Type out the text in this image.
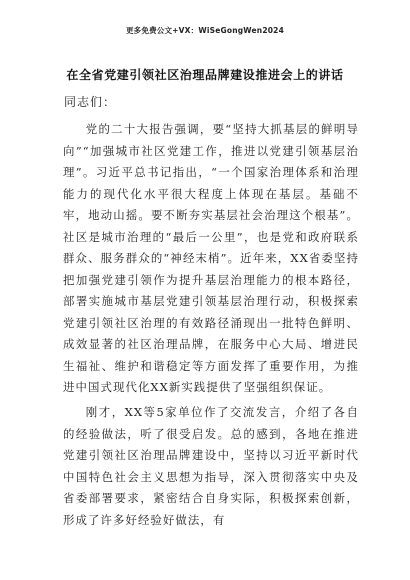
更多免费公文+VX：WiSeGongWen2024
在全省党建引领社区治理品牌建设推进会上的讲话
同志们：

党的二十大报告强调，要“坚持大抓基层的鲜明导向”“加强城市社区党建工作，推进以党建引领基层治理”。习近平总书记指出，“一个国家治理体系和治理能力的现代化水平很大程度上体现在基层。基础不牢，地动山摇。要不断夯实基层社会治理这个根基”。社区是城市治理的“最后一公里”，也是党和政府联系群众、服务群众的“神经末梢”。近年来，XX省委坚持把加强党建引领作为提升基层治理能力的根本路径，部署实施城市基层党建引领基层治理行动，积极探索党建引领社区治理的有效路径涌现出一批特色鲜明、成效显著的社区治理品牌，在服务中心大局、增进民生福祉、维护和谐稳定等方面发挥了重要作用，为推进中国式现代化XX新实践提供了坚强组织保证。

刚才，XX等5家单位作了交流发言，介绍了各自的经验做法，听了很受启发。总的感到，各地在推进党建引领社区治理品牌建设中，坚持以习近平新时代中国特色社会主义思想为指导，深入贯彻落实中央及省委部署要求，紧密结合自身实际，积极探索创新，形成了许多好经验好做法，有
